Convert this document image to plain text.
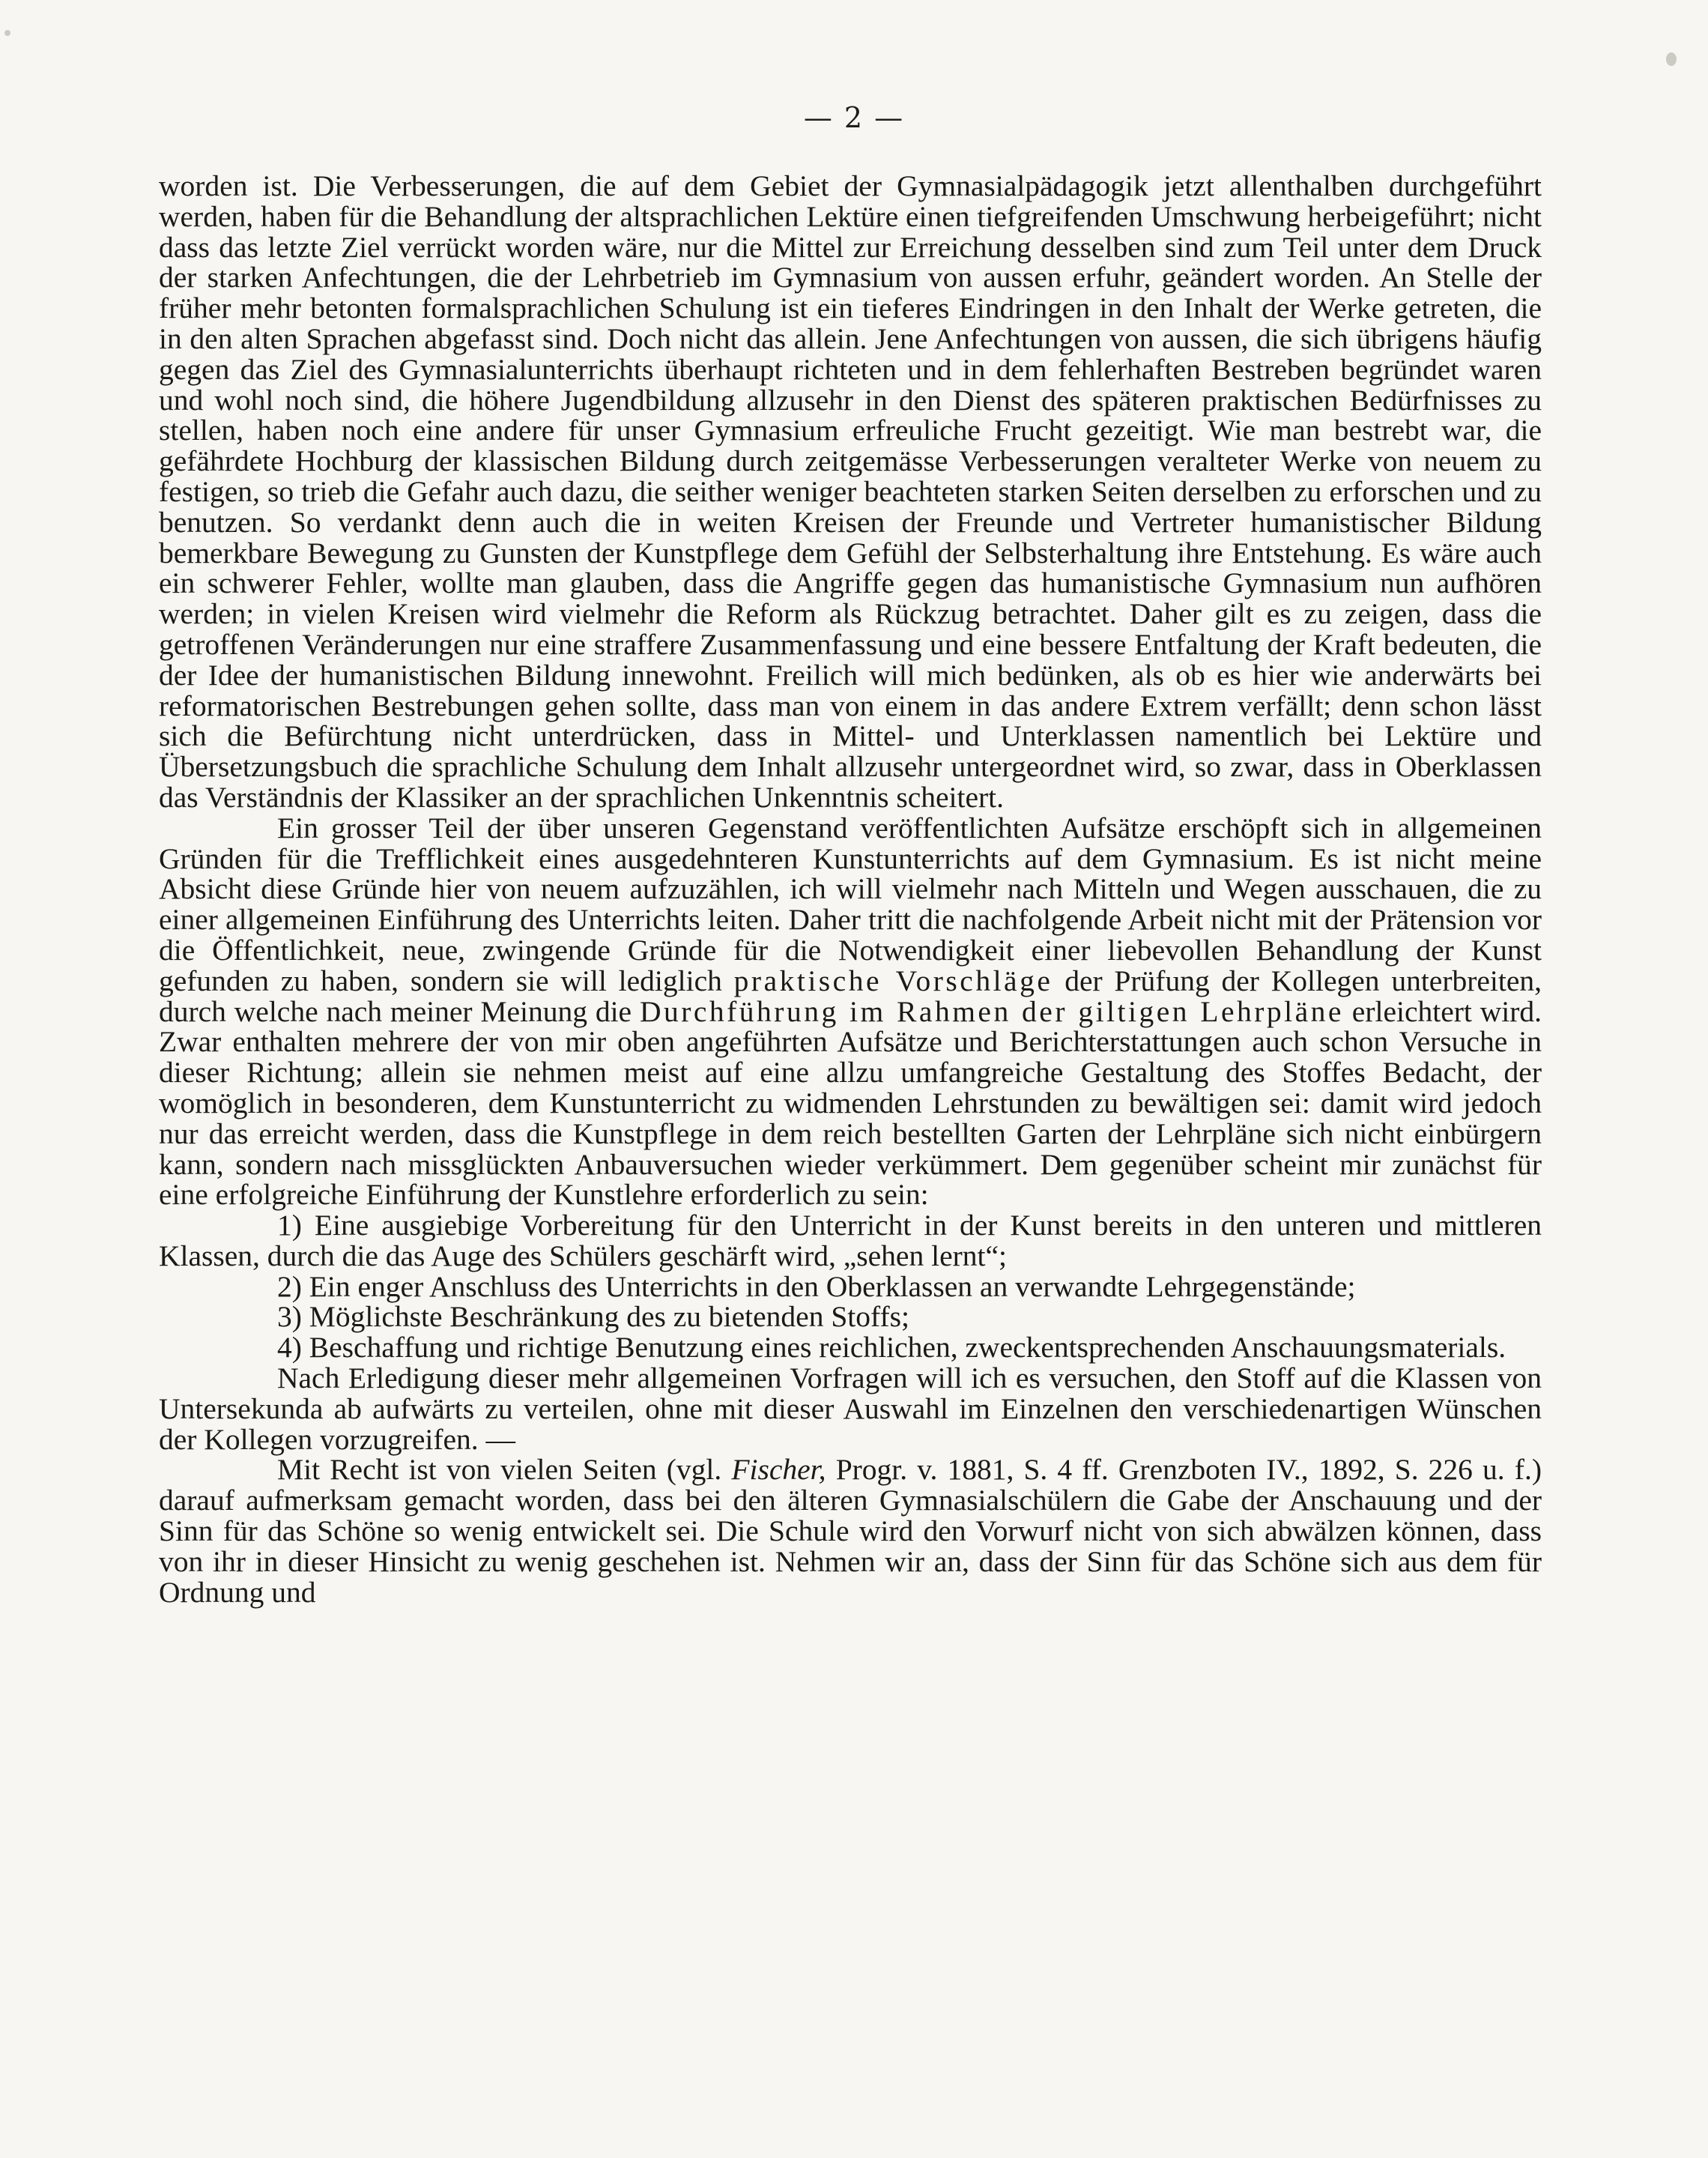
— 2 —

worden ist. Die Verbesserungen, die auf dem Gebiet der Gymnasialpädagogik jetzt allenthalben durchgeführt werden, haben für die Behandlung der altsprachlichen Lektüre einen tiefgreifenden Umschwung herbeigeführt; nicht dass das letzte Ziel verrückt worden wäre, nur die Mittel zur Erreichung desselben sind zum Teil unter dem Druck der starken Anfechtungen, die der Lehrbetrieb im Gymnasium von aussen erfuhr, geändert worden. An Stelle der früher mehr betonten formalsprachlichen Schulung ist ein tieferes Eindringen in den Inhalt der Werke getreten, die in den alten Sprachen abgefasst sind. Doch nicht das allein. Jene Anfechtungen von aussen, die sich übrigens häufig gegen das Ziel des Gymnasialunterrichts überhaupt richteten und in dem fehlerhaften Bestreben begründet waren und wohl noch sind, die höhere Jugendbildung allzusehr in den Dienst des späteren praktischen Bedürfnisses zu stellen, haben noch eine andere für unser Gymnasium erfreuliche Frucht gezeitigt. Wie man bestrebt war, die gefährdete Hochburg der klassischen Bildung durch zeitgemässe Verbesserungen veralteter Werke von neuem zu festigen, so trieb die Gefahr auch dazu, die seither weniger beachteten starken Seiten derselben zu erforschen und zu benutzen. So verdankt denn auch die in weiten Kreisen der Freunde und Vertreter humanistischer Bildung bemerkbare Bewegung zu Gunsten der Kunstpflege dem Gefühl der Selbsterhaltung ihre Entstehung. Es wäre auch ein schwerer Fehler, wollte man glauben, dass die Angriffe gegen das humanistische Gymnasium nun aufhören werden; in vielen Kreisen wird vielmehr die Reform als Rückzug betrachtet. Daher gilt es zu zeigen, dass die getroffenen Veränderungen nur eine straffere Zusammenfassung und eine bessere Entfaltung der Kraft bedeuten, die der Idee der humanistischen Bildung innewohnt. Freilich will mich bedünken, als ob es hier wie anderwärts bei reformatorischen Bestrebungen gehen sollte, dass man von einem in das andere Extrem verfällt; denn schon lässt sich die Befürchtung nicht unterdrücken, dass in Mittel- und Unterklassen namentlich bei Lektüre und Übersetzungsbuch die sprachliche Schulung dem Inhalt allzusehr untergeordnet wird, so zwar, dass in Oberklassen das Verständnis der Klassiker an der sprachlichen Unkenntnis scheitert.

Ein grosser Teil der über unseren Gegenstand veröffentlichten Aufsätze erschöpft sich in allgemeinen Gründen für die Trefflichkeit eines ausgedehnteren Kunstunterrichts auf dem Gymnasium. Es ist nicht meine Absicht diese Gründe hier von neuem aufzuzählen, ich will vielmehr nach Mitteln und Wegen ausschauen, die zu einer allgemeinen Einführung des Unterrichts leiten. Daher tritt die nachfolgende Arbeit nicht mit der Prätension vor die Öffentlichkeit, neue, zwingende Gründe für die Notwendigkeit einer liebevollen Behandlung der Kunst gefunden zu haben, sondern sie will lediglich praktische Vorschläge der Prüfung der Kollegen unterbreiten, durch welche nach meiner Meinung die Durchführung im Rahmen der giltigen Lehrpläne erleichtert wird. Zwar enthalten mehrere der von mir oben angeführten Aufsätze und Berichterstattungen auch schon Versuche in dieser Richtung; allein sie nehmen meist auf eine allzu umfangreiche Gestaltung des Stoffes Bedacht, der womöglich in besonderen, dem Kunstunterricht zu widmenden Lehrstunden zu bewältigen sei: damit wird jedoch nur das erreicht werden, dass die Kunstpflege in dem reich bestellten Garten der Lehrpläne sich nicht einbürgern kann, sondern nach missglückten Anbauversuchen wieder verkümmert. Dem gegenüber scheint mir zunächst für eine erfolgreiche Einführung der Kunstlehre erforderlich zu sein:

1) Eine ausgiebige Vorbereitung für den Unterricht in der Kunst bereits in den unteren und mittleren Klassen, durch die das Auge des Schülers geschärft wird, „sehen lernt“;

2) Ein enger Anschluss des Unterrichts in den Oberklassen an verwandte Lehrgegenstände;

3) Möglichste Beschränkung des zu bietenden Stoffs;

4) Beschaffung und richtige Benutzung eines reichlichen, zweckentsprechenden Anschauungsmaterials.

Nach Erledigung dieser mehr allgemeinen Vorfragen will ich es versuchen, den Stoff auf die Klassen von Untersekunda ab aufwärts zu verteilen, ohne mit dieser Auswahl im Einzelnen den verschiedenartigen Wünschen der Kollegen vorzugreifen. —

Mit Recht ist von vielen Seiten (vgl. Fischer, Progr. v. 1881, S. 4 ff. Grenzboten IV., 1892, S. 226 u. f.) darauf aufmerksam gemacht worden, dass bei den älteren Gymnasialschülern die Gabe der Anschauung und der Sinn für das Schöne so wenig entwickelt sei. Die Schule wird den Vorwurf nicht von sich abwälzen können, dass von ihr in dieser Hinsicht zu wenig geschehen ist. Nehmen wir an, dass der Sinn für das Schöne sich aus dem für Ordnung und
